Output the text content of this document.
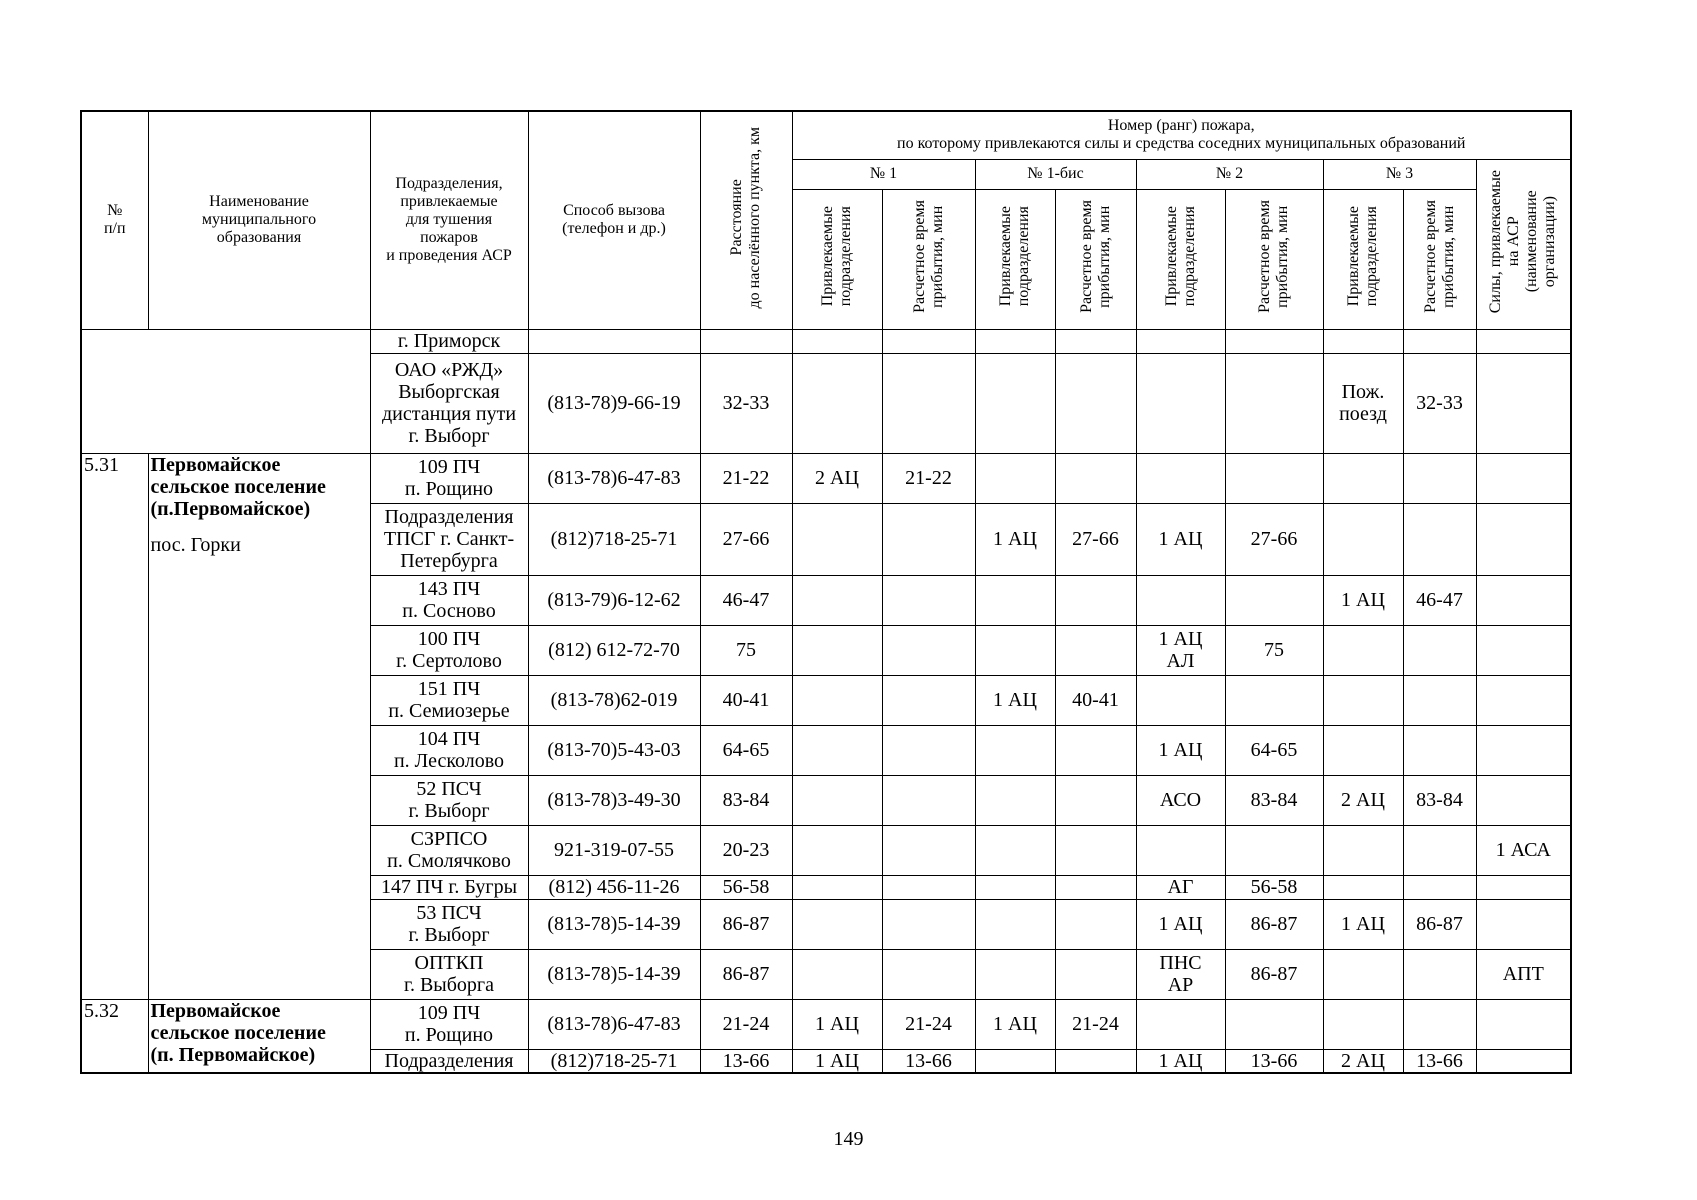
№
п/п	Наименование
муниципального
образования	Подразделения,
привлекаемые
для тушения
пожаров
и проведения АСР	Способ вызова
(телефон и др.)	Расстояние
до населённого пункта, км	Номер (ранг) пожара,
по которому привлекаются силы и средства соседних муниципальных образований								
					№ 1		№ 1-бис		№ 2		№ 3		Силы, привлекаемые
на АСР
(наименование
организации)
					Привлекаемые
подразделения	Расчетное время
прибытия, мин	Привлекаемые
подразделения	Расчетное время
прибытия, мин	Привлекаемые
подразделения	Расчетное время
прибытия, мин	Привлекаемые
подразделения	Расчетное время
прибытия, мин	
		г. Приморск											
		ОАО «РЖД»
Выборгская
дистанция пути
г. Выборг	(813-78)9-66-19	32-33							Пож.
поезд	32-33	
5.31	Первомайское
сельское поселение
(п.Первомайское)
пос. Горки	109 ПЧ
п. Рощино	(813-78)6-47-83	21-22	2 АЦ	21-22							
		Подразделения
ТПСГ г. Санкт-
Петербурга	(812)718-25-71	27-66			1 АЦ	27-66	1 АЦ	27-66			
		143 ПЧ
п. Сосново	(813-79)6-12-62	46-47							1 АЦ	46-47	
		100 ПЧ
г. Сертолово	(812) 612-72-70	75					1 АЦ
АЛ	75			
		151 ПЧ
п. Семиозерье	(813-78)62-019	40-41			1 АЦ	40-41					
		104 ПЧ
п. Лесколово	(813-70)5-43-03	64-65					1 АЦ	64-65			
		52 ПСЧ
г. Выборг	(813-78)3-49-30	83-84					АСО	83-84	2 АЦ	83-84	
		СЗРПСО
п. Смолячково	921-319-07-55	20-23									1 АСА
		147 ПЧ г. Бугры	(812) 456-11-26	56-58					АГ	56-58			
		53 ПСЧ
г. Выборг	(813-78)5-14-39	86-87					1 АЦ	86-87	1 АЦ	86-87	
		ОПТКП
г. Выборга	(813-78)5-14-39	86-87					ПНС
АР	86-87			АПТ
5.32	Первомайское
сельское поселение
(п. Первомайское)	109 ПЧ
п. Рощино	(813-78)6-47-83	21-24	1 АЦ	21-24	1 АЦ	21-24					
		Подразделения	(812)718-25-71	13-66	1 АЦ	13-66			1 АЦ	13-66	2 АЦ	13-66	
149
